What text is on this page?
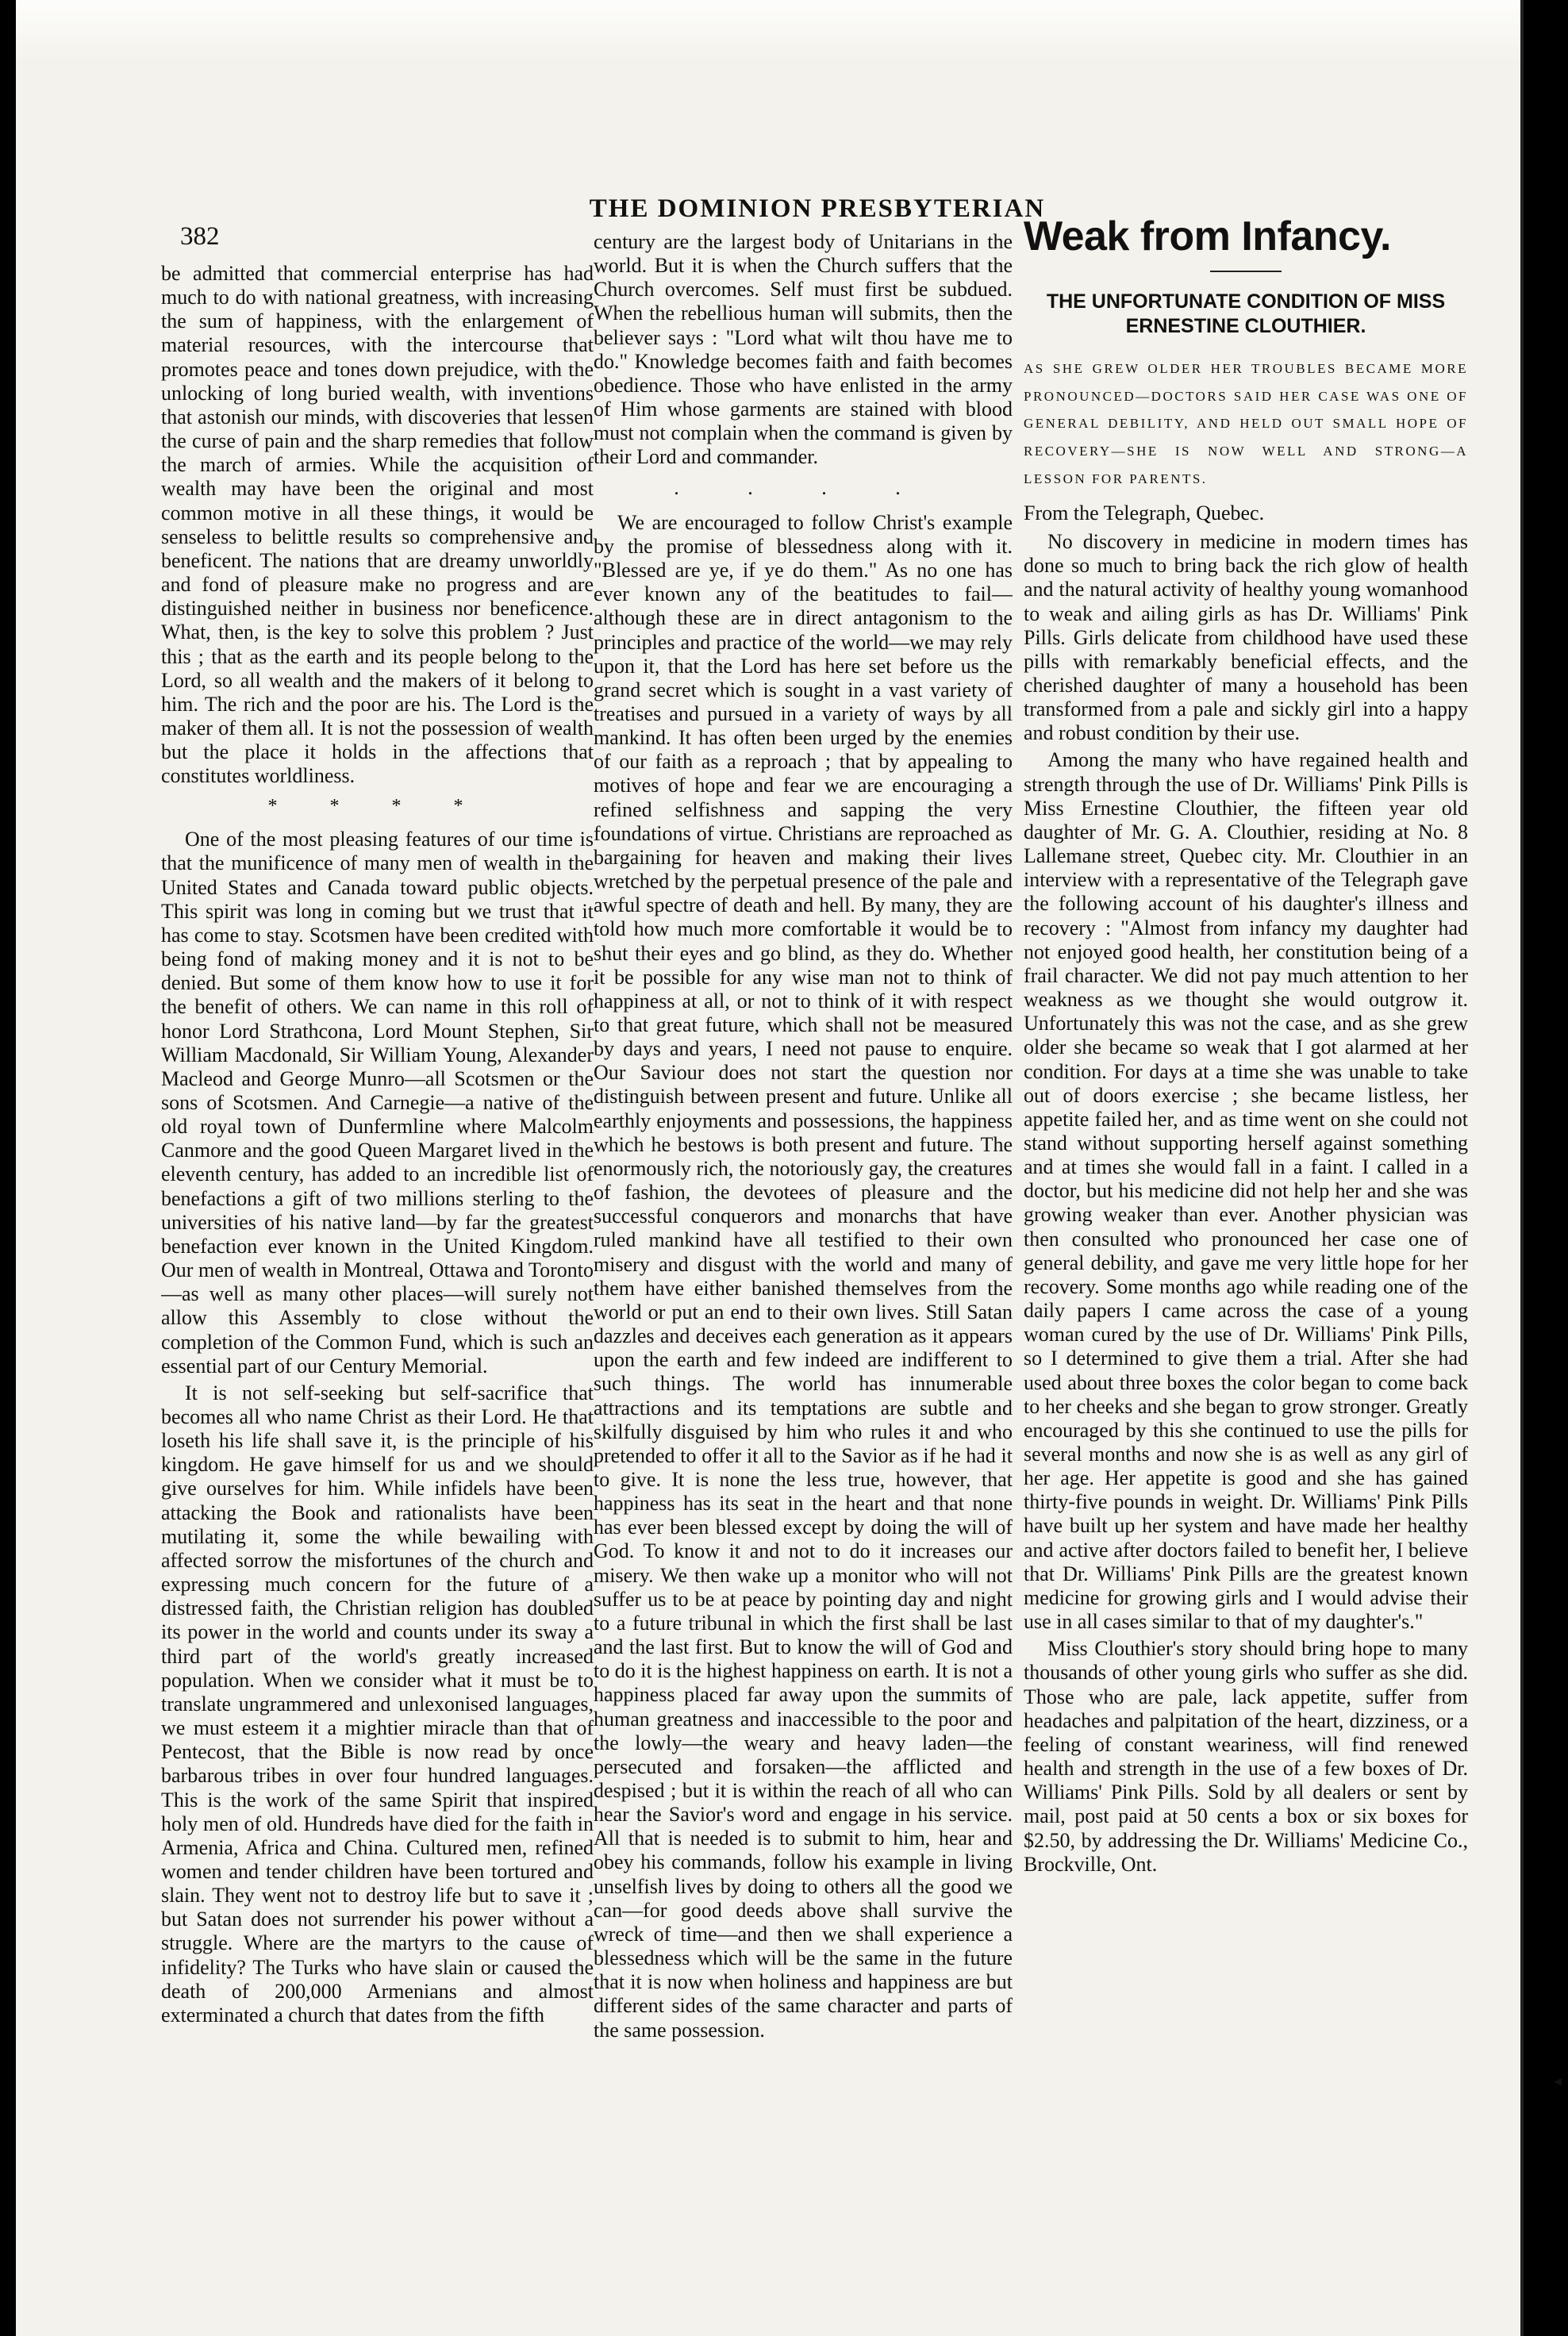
382
THE DOMINION PRESBYTERIAN

be admitted that commercial enterprise has had much to do with national greatness, with increasing the sum of happiness, with the enlargement of material resources, with the intercourse that promotes peace and tones down prejudice, with the unlocking of long buried wealth, with inventions that astonish our minds, with discoveries that lessen the curse of pain and the sharp remedies that follow the march of armies. While the acquisition of wealth may have been the original and most common motive in all these things, it would be senseless to belittle results so comprehensive and beneficent. The nations that are dreamy unworldly and fond of pleasure make no progress and are distinguished neither in business nor beneficence. What, then, is the key to solve this problem ? Just this ; that as the earth and its people belong to the Lord, so all wealth and the makers of it belong to him. The rich and the poor are his. The Lord is the maker of them all. It is not the possession of wealth but the place it holds in the affections that constitutes worldliness.

* * * *

One of the most pleasing features of our time is that the munificence of many men of wealth in the United States and Canada toward public objects. This spirit was long in coming but we trust that it has come to stay. Scotsmen have been credited with being fond of making money and it is not to be denied. But some of them know how to use it for the benefit of others. We can name in this roll of honor Lord Strathcona, Lord Mount Stephen, Sir William Macdonald, Sir William Young, Alexander Macleod and George Munro—all Scotsmen or the sons of Scotsmen. And Carnegie—a native of the old royal town of Dunfermline where Malcolm Canmore and the good Queen Margaret lived in the eleventh century, has added to an incredible list of benefactions a gift of two millions sterling to the universities of his native land—by far the greatest benefaction ever known in the United Kingdom. Our men of wealth in Montreal, Ottawa and Toronto—as well as many other places—will surely not allow this Assembly to close without the completion of the Common Fund, which is such an essential part of our Century Memorial.

It is not self-seeking but self-sacrifice that becomes all who name Christ as their Lord. He that loseth his life shall save it, is the principle of his kingdom. He gave himself for us and we should give ourselves for him. While infidels have been attacking the Book and rationalists have been mutilating it, some the while bewailing with affected sorrow the misfortunes of the church and expressing much concern for the future of a distressed faith, the Christian religion has doubled its power in the world and counts under its sway a third part of the world's greatly increased population. When we consider what it must be to translate ungrammered and unlexonised languages, we must esteem it a mightier miracle than that of Pentecost, that the Bible is now read by once barbarous tribes in over four hundred languages. This is the work of the same Spirit that inspired holy men of old. Hundreds have died for the faith in Armenia, Africa and China. Cultured men, refined women and tender children have been tortured and slain. They went not to destroy life but to save it ; but Satan does not surrender his power without a struggle. Where are the martyrs to the cause of infidelity? The Turks who have slain or caused the death of 200,000 Armenians and almost exterminated a church that dates from the fifth

century are the largest body of Unitarians in the world. But it is when the Church suffers that the Church overcomes. Self must first be subdued. When the rebellious human will submits, then the believer says : "Lord what wilt thou have me to do." Knowledge becomes faith and faith becomes obedience. Those who have enlisted in the army of Him whose garments are stained with blood must not complain when the command is given by their Lord and commander.

. . . .

We are encouraged to follow Christ's example by the promise of blessedness along with it. "Blessed are ye, if ye do them." As no one has ever known any of the beatitudes to fail—although these are in direct antagonism to the principles and practice of the world—we may rely upon it, that the Lord has here set before us the grand secret which is sought in a vast variety of treatises and pursued in a variety of ways by all mankind. It has often been urged by the enemies of our faith as a reproach ; that by appealing to motives of hope and fear we are encouraging a refined selfishness and sapping the very foundations of virtue. Christians are reproached as bargaining for heaven and making their lives wretched by the perpetual presence of the pale and awful spectre of death and hell. By many, they are told how much more comfortable it would be to shut their eyes and go blind, as they do. Whether it be possible for any wise man not to think of happiness at all, or not to think of it with respect to that great future, which shall not be measured by days and years, I need not pause to enquire. Our Saviour does not start the question nor distinguish between present and future. Unlike all earthly enjoyments and possessions, the happiness which he bestows is both present and future. The enormously rich, the notoriously gay, the creatures of fashion, the devotees of pleasure and the successful conquerors and monarchs that have ruled mankind have all testified to their own misery and disgust with the world and many of them have either banished themselves from the world or put an end to their own lives. Still Satan dazzles and deceives each generation as it appears upon the earth and few indeed are indifferent to such things. The world has innumerable attractions and its temptations are subtle and skilfully disguised by him who rules it and who pretended to offer it all to the Savior as if he had it to give. It is none the less true, however, that happiness has its seat in the heart and that none has ever been blessed except by doing the will of God. To know it and not to do it increases our misery. We then wake up a monitor who will not suffer us to be at peace by pointing day and night to a future tribunal in which the first shall be last and the last first. But to know the will of God and to do it is the highest happiness on earth. It is not a happiness placed far away upon the summits of human greatness and inaccessible to the poor and the lowly—the weary and heavy laden—the persecuted and forsaken—the afflicted and despised ; but it is within the reach of all who can hear the Savior's word and engage in his service. All that is needed is to submit to him, hear and obey his commands, follow his example in living unselfish lives by doing to others all the good we can—for good deeds above shall survive the wreck of time—and then we shall experience a blessedness which will be the same in the future that it is now when holiness and happiness are but different sides of the same character and parts of the same possession.

Weak from Infancy.
THE UNFORTUNATE CONDITION OF MISS ERNESTINE CLOUTHIER.
AS SHE GREW OLDER HER TROUBLES BECAME MORE PRONOUNCED—DOCTORS SAID HER CASE WAS ONE OF GENERAL DEBILITY, AND HELD OUT SMALL HOPE OF RECOVERY—SHE IS NOW WELL AND STRONG—A LESSON FOR PARENTS.
From the Telegraph, Quebec.

No discovery in medicine in modern times has done so much to bring back the rich glow of health and the natural activity of healthy young womanhood to weak and ailing girls as has Dr. Williams' Pink Pills. Girls delicate from childhood have used these pills with remarkably beneficial effects, and the cherished daughter of many a household has been transformed from a pale and sickly girl into a happy and robust condition by their use.

Among the many who have regained health and strength through the use of Dr. Williams' Pink Pills is Miss Ernestine Clouthier, the fifteen year old daughter of Mr. G. A. Clouthier, residing at No. 8 Lallemane street, Quebec city. Mr. Clouthier in an interview with a representative of the Telegraph gave the following account of his daughter's illness and recovery : "Almost from infancy my daughter had not enjoyed good health, her constitution being of a frail character. We did not pay much attention to her weakness as we thought she would outgrow it. Unfortunately this was not the case, and as she grew older she became so weak that I got alarmed at her condition. For days at a time she was unable to take out of doors exercise ; she became listless, her appetite failed her, and as time went on she could not stand without supporting herself against something and at times she would fall in a faint. I called in a doctor, but his medicine did not help her and she was growing weaker than ever. Another physician was then consulted who pronounced her case one of general debility, and gave me very little hope for her recovery. Some months ago while reading one of the daily papers I came across the case of a young woman cured by the use of Dr. Williams' Pink Pills, so I determined to give them a trial. After she had used about three boxes the color began to come back to her cheeks and she began to grow stronger. Greatly encouraged by this she continued to use the pills for several months and now she is as well as any girl of her age. Her appetite is good and she has gained thirty-five pounds in weight. Dr. Williams' Pink Pills have built up her system and have made her healthy and active after doctors failed to benefit her, I believe that Dr. Williams' Pink Pills are the greatest known medicine for growing girls and I would advise their use in all cases similar to that of my daughter's."

Miss Clouthier's story should bring hope to many thousands of other young girls who suffer as she did. Those who are pale, lack appetite, suffer from headaches and palpitation of the heart, dizziness, or a feeling of constant weariness, will find renewed health and strength in the use of a few boxes of Dr. Williams' Pink Pills. Sold by all dealers or sent by mail, post paid at 50 cents a box or six boxes for $2.50, by addressing the Dr. Williams' Medicine Co., Brockville, Ont.

◂
